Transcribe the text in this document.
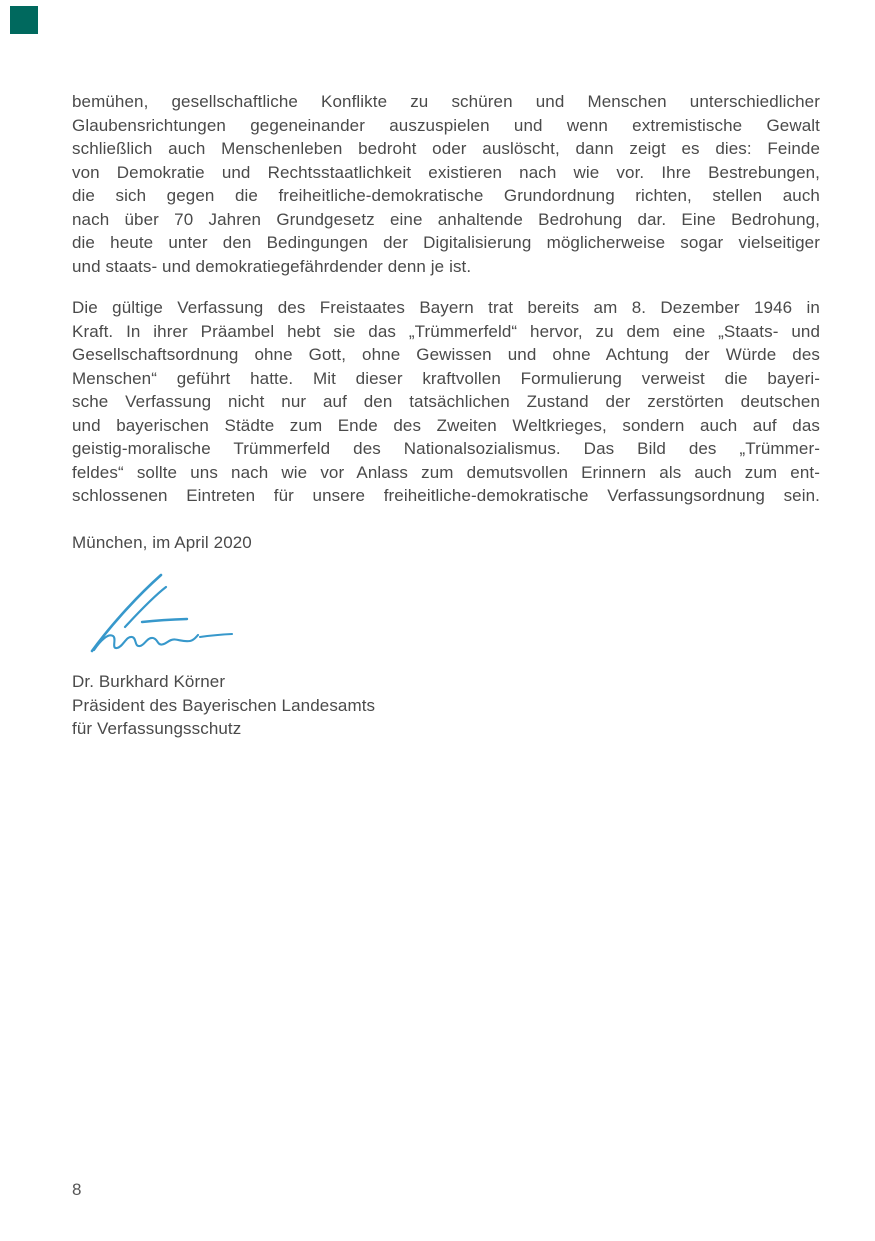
bemühen, gesellschaftliche Konflikte zu schüren und Menschen unterschiedlicher
Glaubensrichtungen gegeneinander auszuspielen und wenn extremistische Gewalt
schließlich auch Menschenleben bedroht oder auslöscht, dann zeigt es dies: Feinde
von Demokratie und Rechtsstaatlichkeit existieren nach wie vor. Ihre Bestrebungen,
die sich gegen die freiheitliche-demokratische Grundordnung richten, stellen auch
nach über 70 Jahren Grundgesetz eine anhaltende Bedrohung dar. Eine Bedrohung,
die heute unter den Bedingungen der Digitalisierung möglicherweise sogar vielseitiger
und staats- und demokratiegefährdender denn je ist.
Die gültige Verfassung des Freistaates Bayern trat bereits am 8. Dezember 1946 in
Kraft. In ihrer Präambel hebt sie das „Trümmerfeld“ hervor, zu dem eine „Staats- und
Gesellschaftsordnung ohne Gott, ohne Gewissen und ohne Achtung der Würde des
Menschen“ geführt hatte. Mit dieser kraftvollen Formulierung verweist die bayeri-
sche Verfassung nicht nur auf den tatsächlichen Zustand der zerstörten deutschen
und bayerischen Städte zum Ende des Zweiten Weltkrieges, sondern auch auf das
geistig-moralische Trümmerfeld des Nationalsozialismus. Das Bild des „Trümmer-
feldes“ sollte uns nach wie vor Anlass zum demutsvollen Erinnern als auch zum ent-
schlossenen Eintreten für unsere freiheitliche-demokratische Verfassungsordnung sein.
München, im April 2020
Dr. Burkhard Körner
Präsident des Bayerischen Landesamts
für Verfassungsschutz
8
